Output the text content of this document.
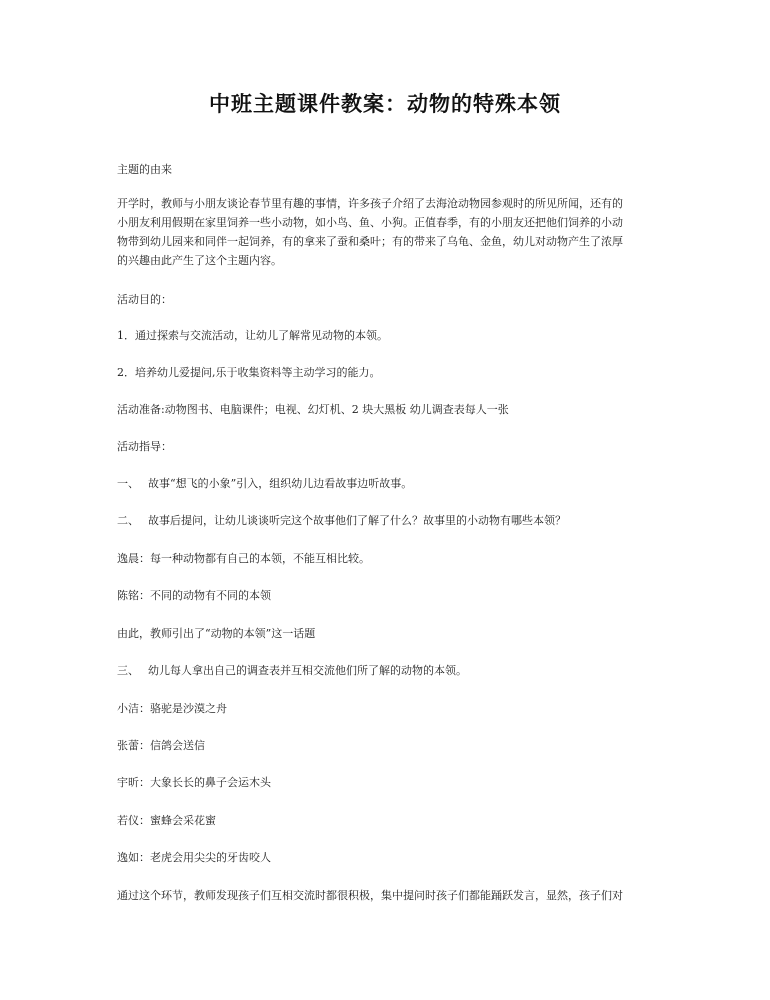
中班主题课件教案：动物的特殊本领

主题的由来

开学时，教师与小朋友谈论春节里有趣的事情，许多孩子介绍了去海沧动物园参观时的所见所闻，还有的

小朋友利用假期在家里饲养一些小动物，如小鸟、鱼、小狗。正值春季，有的小朋友还把他们饲养的小动

物带到幼儿园来和同伴一起饲养，有的拿来了蚕和桑叶；有的带来了乌龟、金鱼，幼儿对动物产生了浓厚

的兴趣由此产生了这个主题内容。

活动目的：

1．通过探索与交流活动，让幼儿了解常见动物的本领。

2．培养幼儿爱提问,乐于收集资料等主动学习的能力。

活动准备:动物图书、电脑课件；电视、幻灯机、2 块大黑板 幼儿调查表每人一张

活动指导：

一、 故事“想飞的小象”引入，组织幼儿边看故事边听故事。

二、 故事后提问，让幼儿谈谈听完这个故事他们了解了什么？故事里的小动物有哪些本领？

逸晨：每一种动物都有自己的本领，不能互相比较。

陈铭：不同的动物有不同的本领

由此，教师引出了“动物的本领”这一话题

三、 幼儿每人拿出自己的调查表并互相交流他们所了解的动物的本领。

小洁：骆驼是沙漠之舟

张蕾：信鸽会送信

宇昕：大象长长的鼻子会运木头

若仪：蜜蜂会采花蜜

逸如：老虎会用尖尖的牙齿咬人

通过这个环节，教师发现孩子们互相交流时都很积极，集中提问时孩子们都能踊跃发言，显然，孩子们对
